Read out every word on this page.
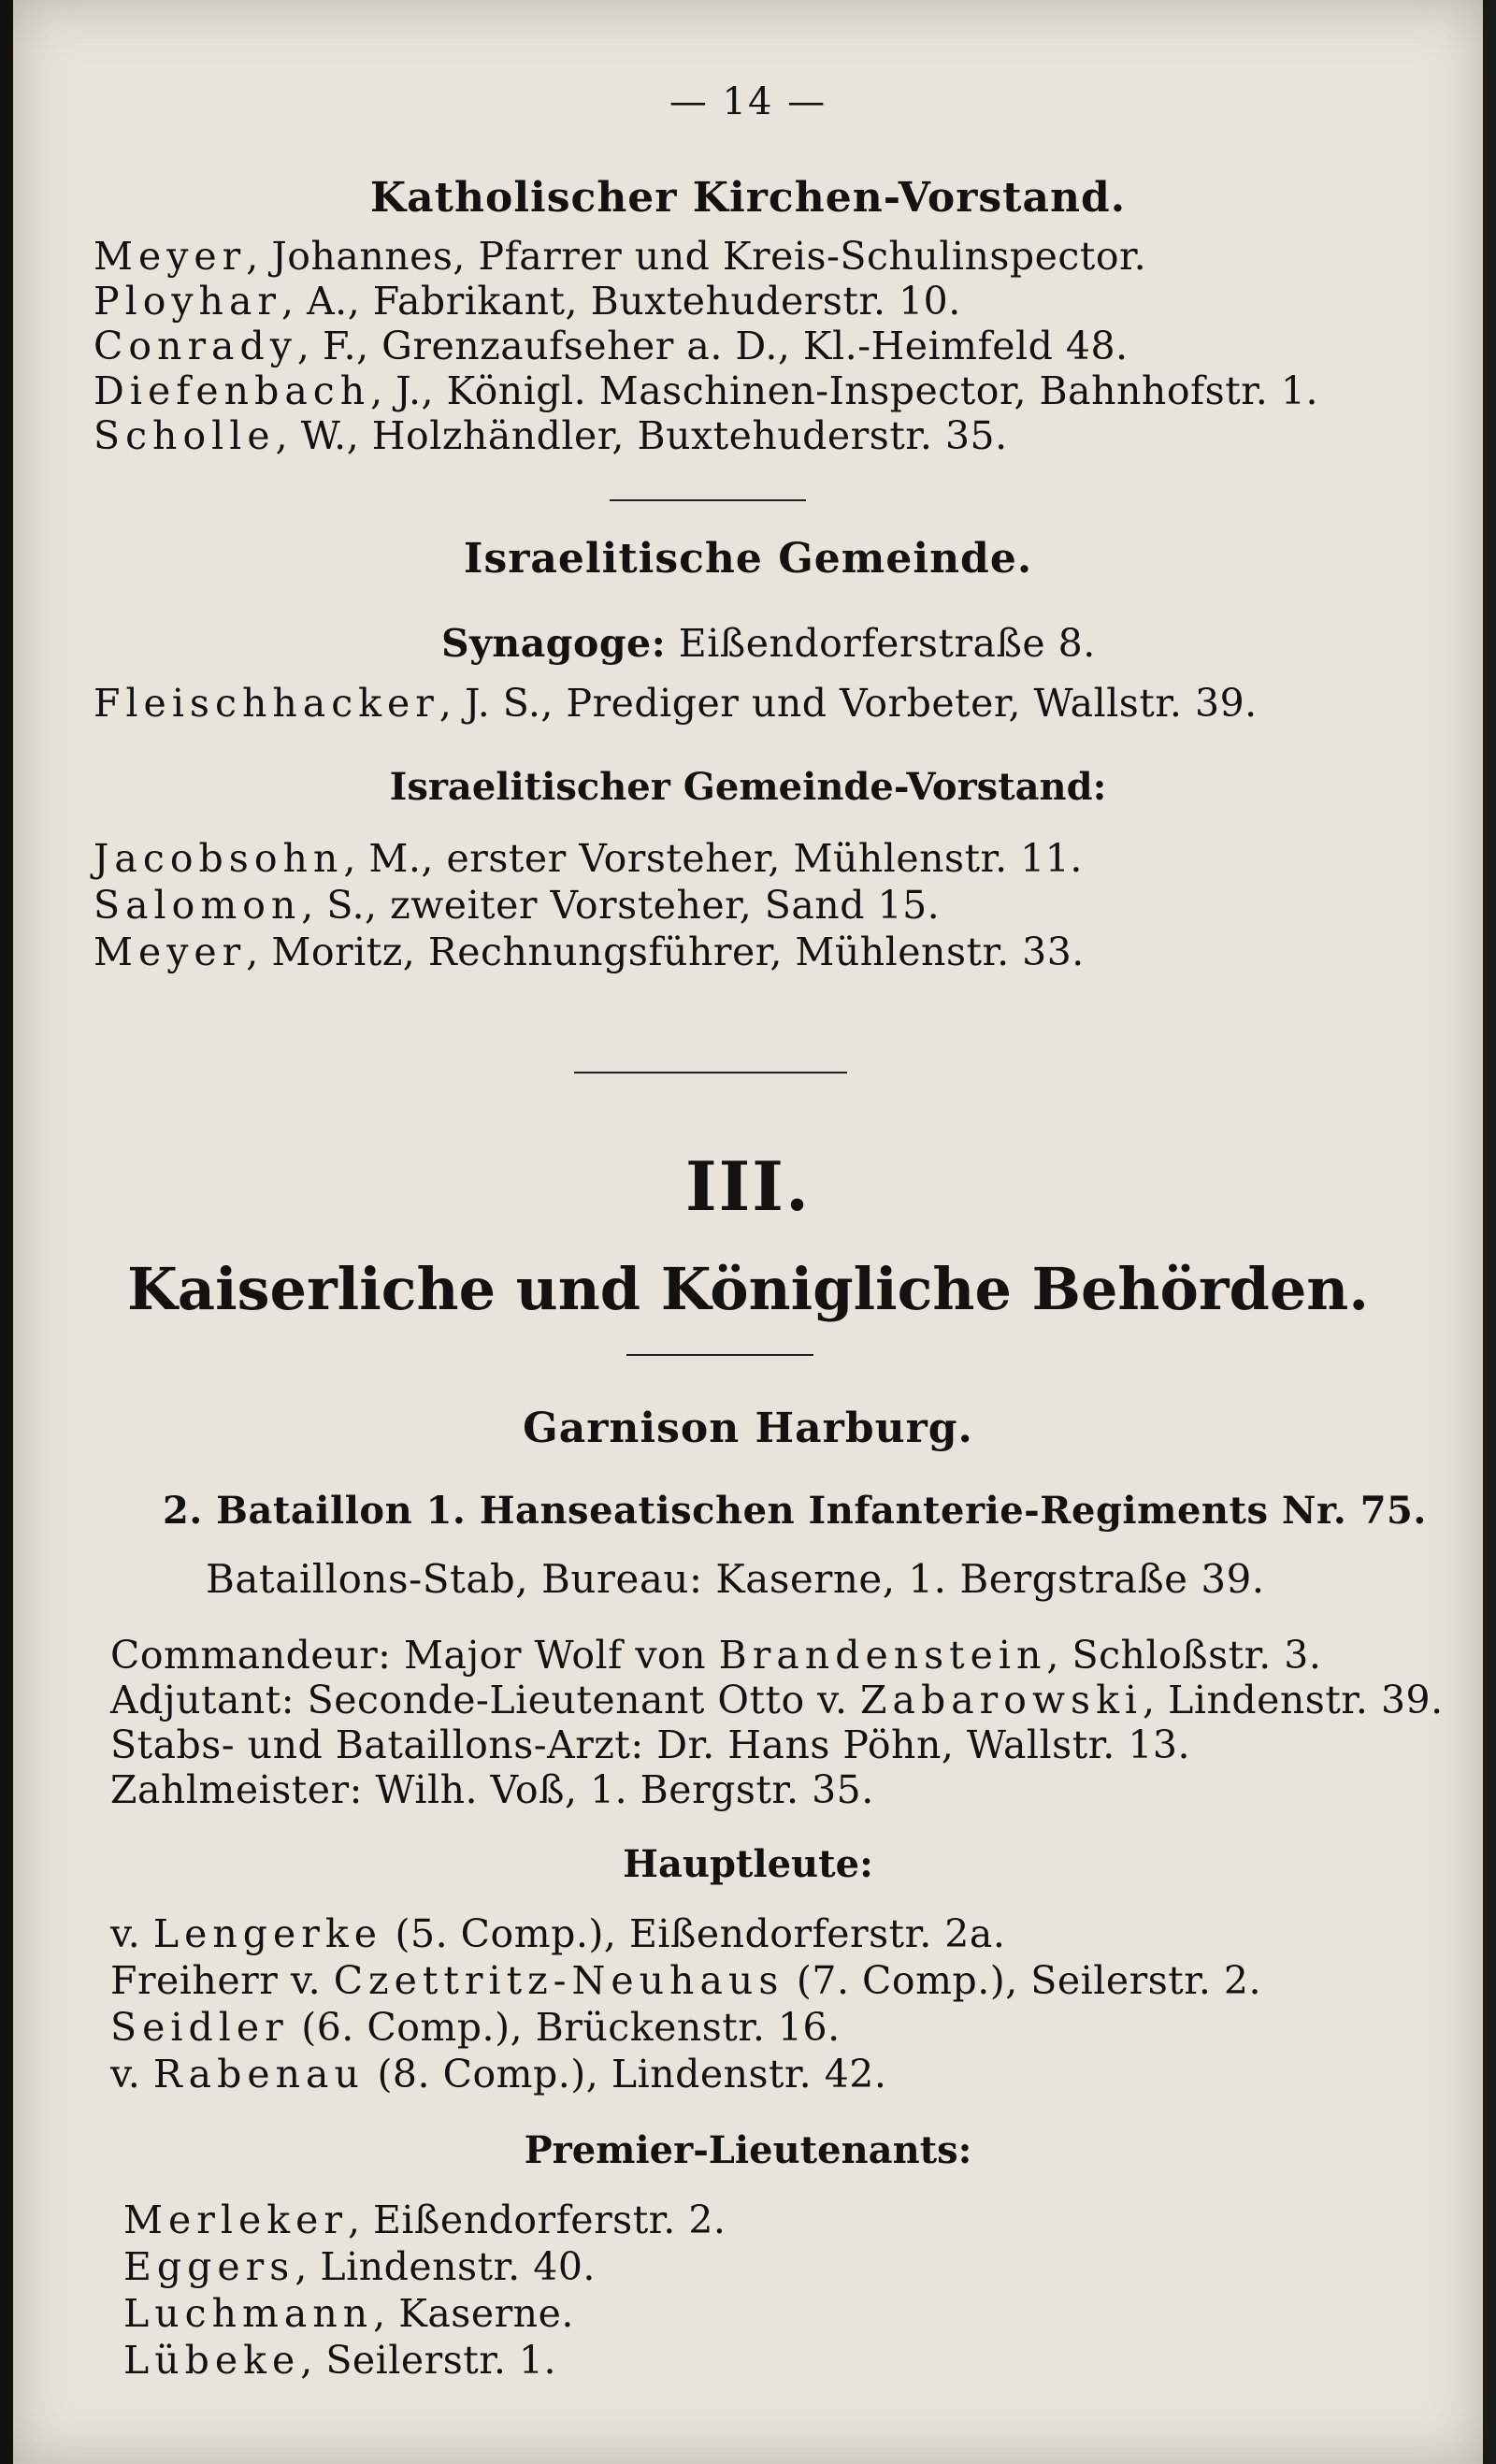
— 14 —
Katholischer Kirchen-Vorstand.
Meyer, Johannes, Pfarrer und Kreis-Schulinspector.
Ployhar, A., Fabrikant, Buxtehuderstr. 10.
Conrady, F., Grenzaufseher a. D., Kl.-Heimfeld 48.
Diefenbach, J., Königl. Maschinen-Inspector, Bahnhofstr. 1.
Scholle, W., Holzhändler, Buxtehuderstr. 35.
Israelitische Gemeinde.
Synagoge: Eißendorferstraße 8.
Fleischhacker, J. S., Prediger und Vorbeter, Wallstr. 39.
Israelitischer Gemeinde-Vorstand:
Jacobsohn, M., erster Vorsteher, Mühlenstr. 11.
Salomon, S., zweiter Vorsteher, Sand 15.
Meyer, Moritz, Rechnungsführer, Mühlenstr. 33.
III.
Kaiserliche und Königliche Behörden.
Garnison Harburg.
2. Bataillon 1. Hanseatischen Infanterie-Regiments Nr. 75.
Bataillons-Stab, Bureau: Kaserne, 1. Bergstraße 39.
Commandeur: Major Wolf von Brandenstein, Schloßstr. 3.
Adjutant: Seconde-Lieutenant Otto v. Zabarowski, Lindenstr. 39.
Stabs- und Bataillons-Arzt: Dr. Hans Pöhn, Wallstr. 13.
Zahlmeister: Wilh. Voß, 1. Bergstr. 35.
Hauptleute:
v. Lengerke (5. Comp.), Eißendorferstr. 2a.
Freiherr v. Czettritz-Neuhaus (7. Comp.), Seilerstr. 2.
Seidler (6. Comp.), Brückenstr. 16.
v. Rabenau (8. Comp.), Lindenstr. 42.
Premier-Lieutenants:
Merleker, Eißendorferstr. 2.
Eggers, Lindenstr. 40.
Luchmann, Kaserne.
Lübeke, Seilerstr. 1.
